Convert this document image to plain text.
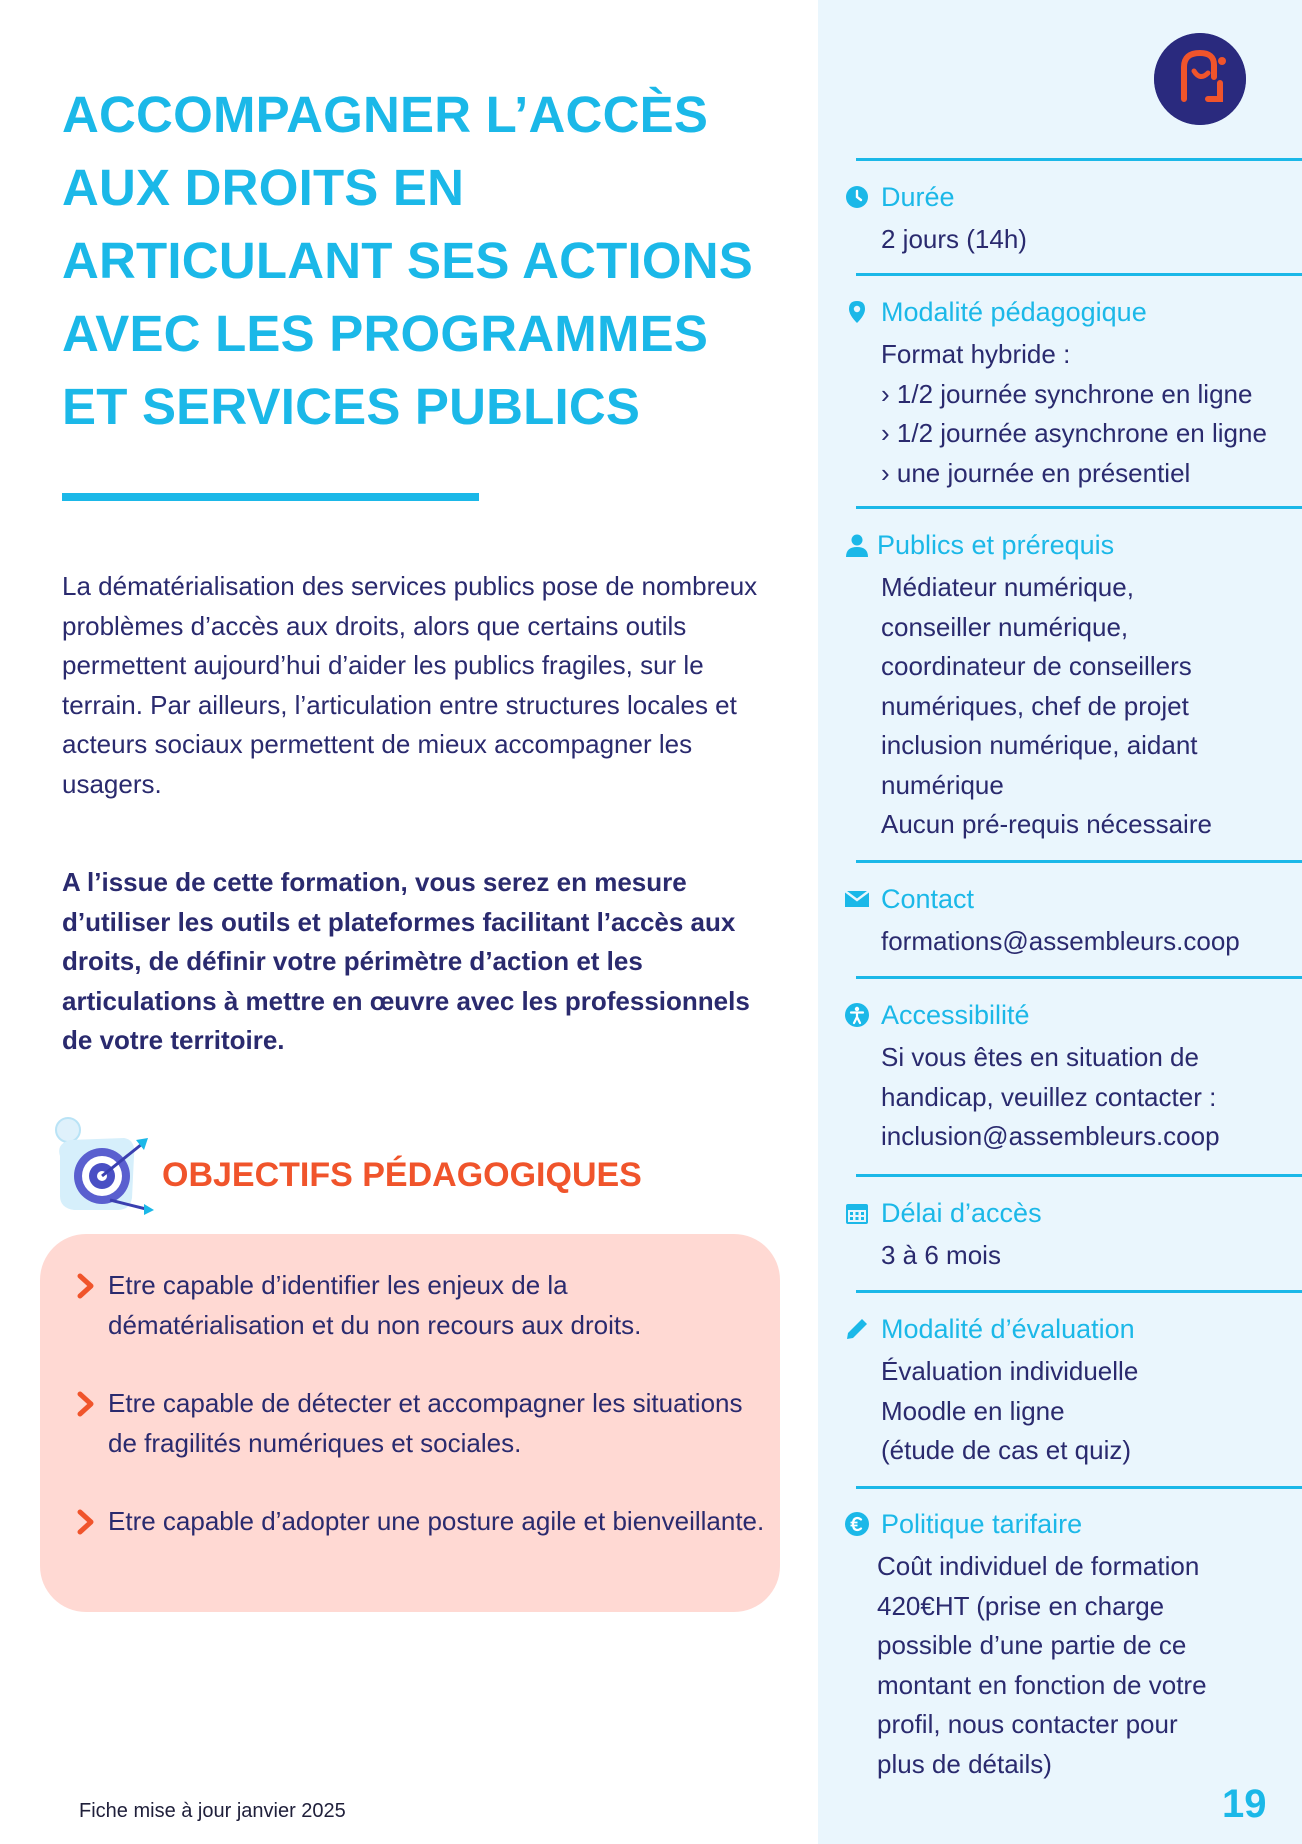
ACCOMPAGNER L’ACCÈS
AUX DROITS EN
ARTICULANT SES ACTIONS
AVEC LES PROGRAMMES
ET SERVICES PUBLICS

La dématérialisation des services publics pose de nombreux problèmes d’accès aux droits, alors que certains outils permettent aujourd’hui d’aider les publics fragiles, sur le terrain. Par ailleurs, l’articulation entre structures locales et acteurs sociaux permettent de mieux accompagner les usagers.

A l’issue de cette formation, vous serez en mesure d’utiliser les outils et plateformes facilitant l’accès aux droits, de définir votre périmètre d’action et les articulations à mettre en œuvre avec les professionnels de votre territoire.

OBJECTIFS PÉDAGOGIQUES
Etre capable d’identifier les enjeux de la dématérialisation et du non recours aux droits.
Etre capable de détecter et accompagner les situations de fragilités numériques et sociales.
Etre capable d’adopter une posture agile et bienveillante.
Fiche mise à jour janvier 2025
Durée
2 jours (14h)
Modalité pédagogique
Format hybride :
› 1/2 journée synchrone en ligne
› 1/2 journée asynchrone en ligne
› une journée en présentiel
Publics et prérequis
Médiateur numérique,
conseiller numérique,
coordinateur de conseillers
numériques, chef de projet
inclusion numérique, aidant
numérique
Aucun pré-requis nécessaire
Contact
formations@assembleurs.coop
Accessibilité
Si vous êtes en situation de
handicap, veuillez contacter :
inclusion@assembleurs.coop
Délai d’accès
3 à 6 mois
Modalité d’évaluation
Évaluation individuelle
Moodle en ligne
(étude de cas et quiz)
Politique tarifaire
Coût individuel de formation
420€HT (prise en charge
possible d’une partie de ce
montant en fonction de votre
profil, nous contacter pour
plus de détails)
19
